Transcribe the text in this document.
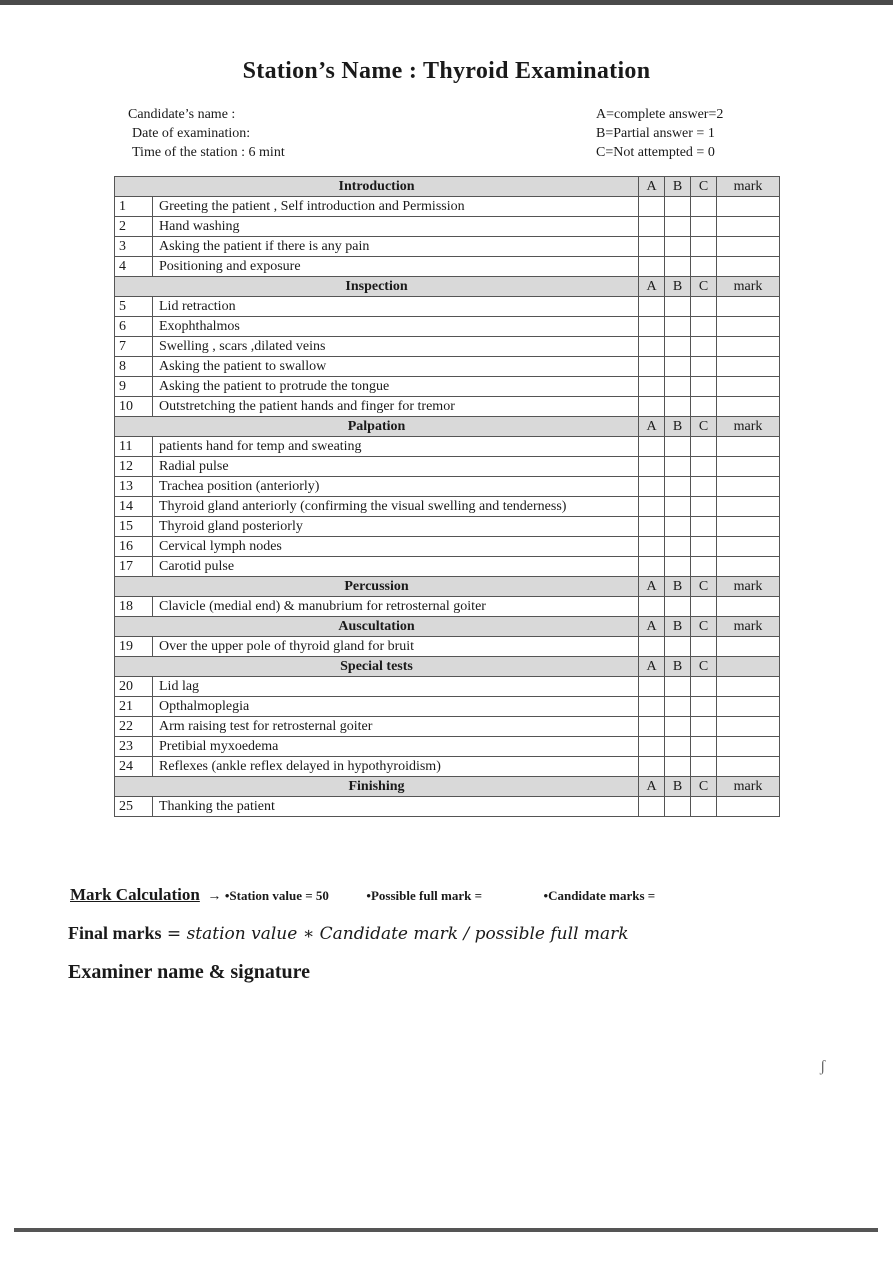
Station’s Name : Thyroid Examination
Candidate’s name :
Date of examination:
Time of the station : 6 mint
A=complete answer=2
B=Partial answer = 1
C=Not attempted = 0
Introduction		A	B	C	mark
1	Greeting the patient , Self introduction and Permission				
2	Hand washing				
3	Asking the patient if there is any pain				
4	Positioning and exposure				
Inspection		A	B	C	mark
5	Lid retraction				
6	Exophthalmos				
7	Swelling , scars ,dilated veins				
8	Asking the patient to swallow				
9	Asking the patient to protrude the tongue				
10	Outstretching the patient hands and finger for tremor				
Palpation		A	B	C	mark
11	patients hand for temp and sweating				
12	Radial pulse				
13	Trachea position (anteriorly)				
14	Thyroid gland anteriorly (confirming the visual swelling and tenderness)				
15	Thyroid gland posteriorly				
16	Cervical lymph nodes				
17	Carotid pulse				
Percussion		A	B	C	mark
18	Clavicle (medial end) & manubrium for retrosternal goiter				
Auscultation		A	B	C	mark
19	Over the upper pole of thyroid gland for bruit				
Special tests		A	B	C	
20	Lid lag				
21	Opthalmoplegia				
22	Arm raising test for retrosternal goiter				
23	Pretibial myxoedema				
24	Reflexes (ankle reflex delayed in hypothyroidism)				
Finishing		A	B	C	mark
25	Thanking the patient				
Mark Calculation → •Station value = 50	•Possible full mark =	•Candidate marks =
Final marks = station value ∗ Candidate mark / possible full mark
Examiner name & signature
ʃ
